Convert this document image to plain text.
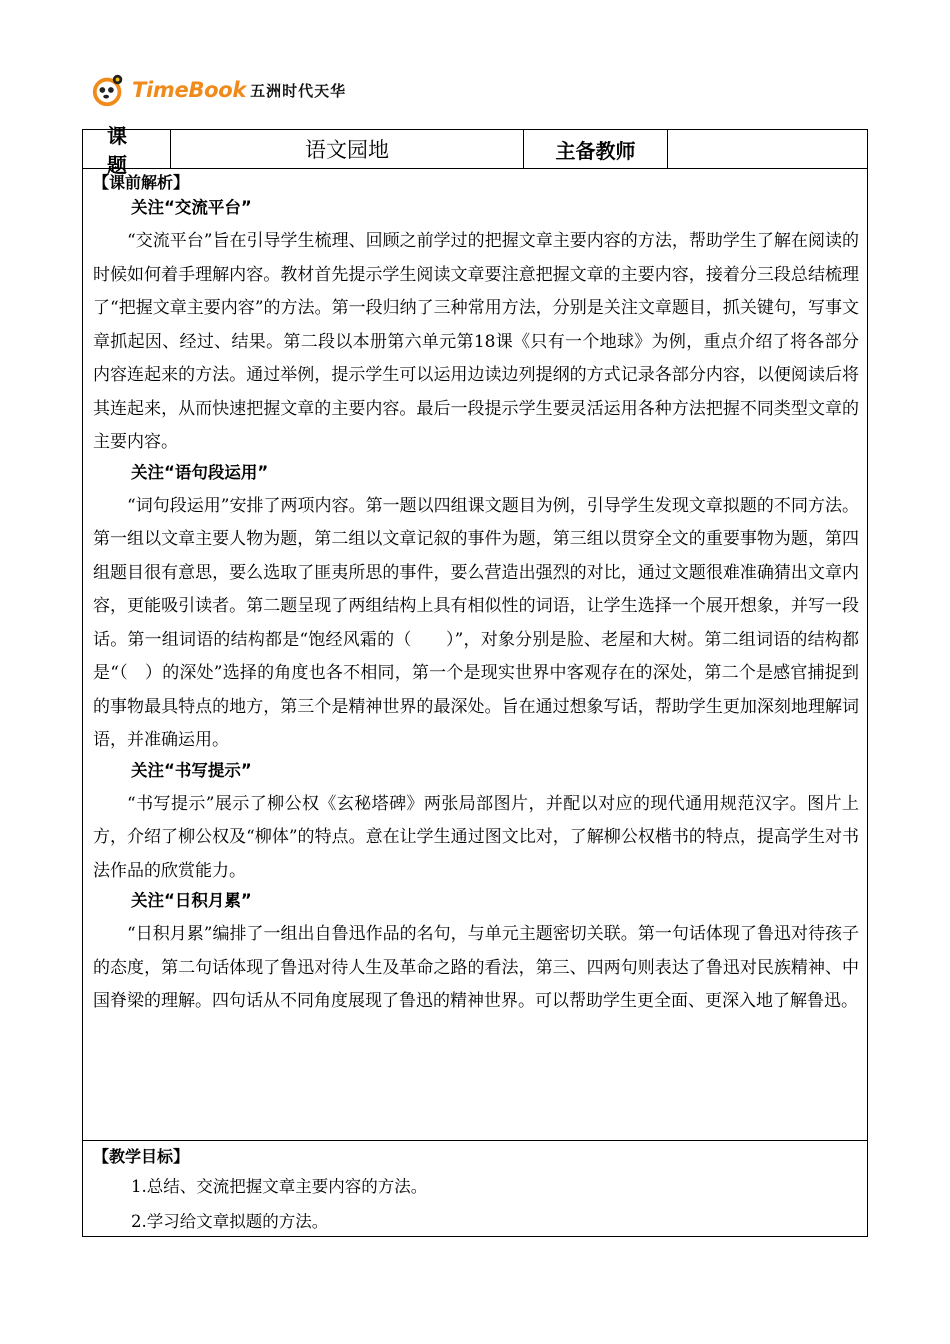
TimeBook 五洲时代天华
课 题
语文园地	主备教师
【课前解析】
关注“交流平台”

“交流平台”旨在引导学生梳理、回顾之前学过的把握文章主要内容的方法，帮助学生了解在阅读的时候如何着手理解内容。教材首先提示学生阅读文章要注意把握文章的主要内容，接着分三段总结梳理了“把握文章主要内容”的方法。第一段归纳了三种常用方法，分别是关注文章题目，抓关键句，写事文章抓起因、经过、结果。第二段以本册第六单元第18课《只有一个地球》为例，重点介绍了将各部分内容连起来的方法。通过举例，提示学生可以运用边读边列提纲的方式记录各部分内容，以便阅读后将其连起来，从而快速把握文章的主要内容。最后一段提示学生要灵活运用各种方法把握不同类型文章的主要内容。

关注“语句段运用”

“词句段运用”安排了两项内容。第一题以四组课文题目为例，引导学生发现文章拟题的不同方法。第一组以文章主要人物为题，第二组以文章记叙的事件为题，第三组以贯穿全文的重要事物为题，第四组题目很有意思，要么选取了匪夷所思的事件，要么营造出强烈的对比，通过文题很难准确猜出文章内容，更能吸引读者。第二题呈现了两组结构上具有相似性的词语，让学生选择一个展开想象，并写一段话。第一组词语的结构都是“饱经风霜的（　　）”，对象分别是脸、老屋和大树。第二组词语的结构都是“（　）的深处”选择的角度也各不相同，第一个是现实世界中客观存在的深处，第二个是感官捕捉到的事物最具特点的地方，第三个是精神世界的最深处。旨在通过想象写话，帮助学生更加深刻地理解词语，并准确运用。

关注“书写提示”

“书写提示”展示了柳公权《玄秘塔碑》两张局部图片，并配以对应的现代通用规范汉字。图片上方，介绍了柳公权及“柳体”的特点。意在让学生通过图文比对，了解柳公权楷书的特点，提高学生对书法作品的欣赏能力。

关注“日积月累”

“日积月累”编排了一组出自鲁迅作品的名句，与单元主题密切关联。第一句话体现了鲁迅对待孩子的态度，第二句话体现了鲁迅对待人生及革命之路的看法，第三、四两句则表达了鲁迅对民族精神、中国脊梁的理解。四句话从不同角度展现了鲁迅的精神世界。可以帮助学生更全面、更深入地了解鲁迅。

【教学目标】
1.总结、交流把握文章主要内容的方法。
2.学习给文章拟题的方法。
